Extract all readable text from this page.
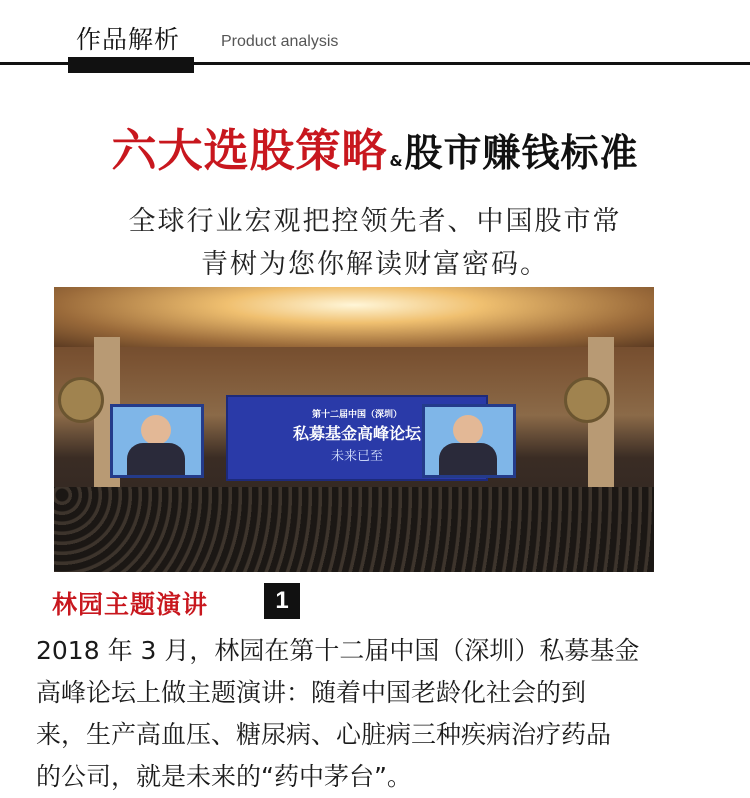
作品解析	Product analysis
六大选股策略 &股市赚钱标准
全球行业宏观把控领先者、中国股市常
青树为您你解读财富密码。
第十二届中国（深圳）
私募基金高峰论坛
未来已至
林园主题演讲	1
2018 年 3 月，林园在第十二届中国（深圳）私募基金
高峰论坛上做主题演讲：随着中国老龄化社会的到
来，生产高血压、糖尿病、心脏病三种疾病治疗药品
的公司，就是未来的“药中茅台”。
